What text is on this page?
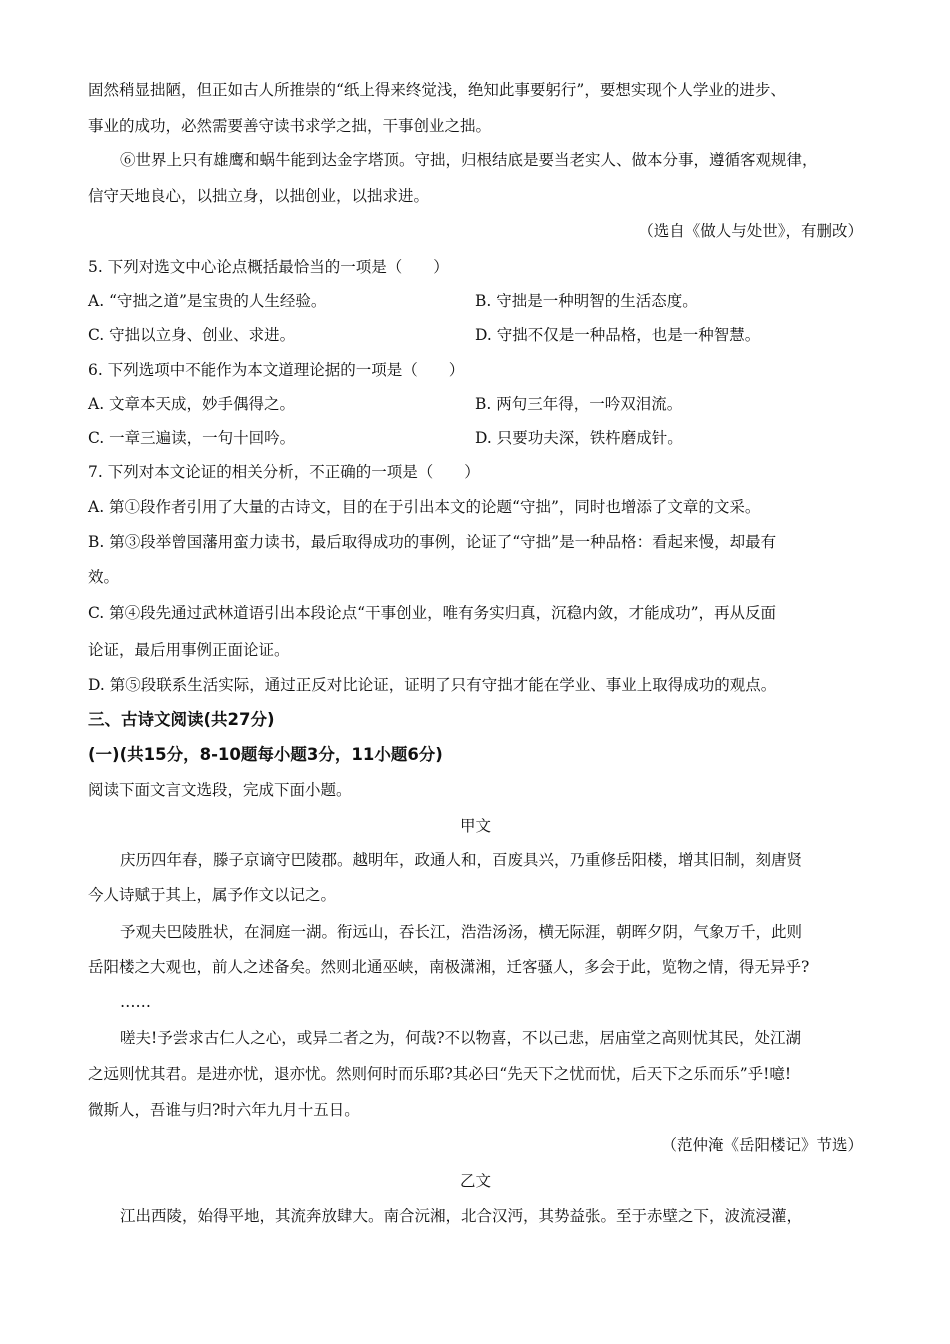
固然稍显拙陋，但正如古人所推崇的“纸上得来终觉浅，绝知此事要躬行”，要想实现个人学业的进步、
事业的成功，必然需要善守读书求学之拙，干事创业之拙。
⑥世界上只有雄鹰和蜗牛能到达金字塔顶。守拙，归根结底是要当老实人、做本分事，遵循客观规律，
信守天地良心，以拙立身，以拙创业，以拙求进。
（选自《做人与处世》，有删改）
5. 下列对选文中心论点概括最恰当的一项是（　　）
A. “守拙之道”是宝贵的人生经验。	B. 守拙是一种明智的生活态度。
C. 守拙以立身、创业、求进。	D. 守拙不仅是一种品格，也是一种智慧。
6. 下列选项中不能作为本文道理论据的一项是（　　）
A. 文章本天成，妙手偶得之。	B. 两句三年得，一吟双泪流。
C. 一章三遍读，一句十回吟。	D. 只要功夫深，铁杵磨成针。
7. 下列对本文论证的相关分析，不正确的一项是（　　）
A. 第①段作者引用了大量的古诗文，目的在于引出本文的论题“守拙”，同时也增添了文章的文采。
B. 第③段举曾国藩用蛮力读书，最后取得成功的事例，论证了“守拙”是一种品格：看起来慢，却最有
效。
C. 第④段先通过武林道语引出本段论点“干事创业，唯有务实归真，沉稳内敛，才能成功”，再从反面
论证，最后用事例正面论证。
D. 第⑤段联系生活实际，通过正反对比论证，证明了只有守拙才能在学业、事业上取得成功的观点。
三、古诗文阅读(共27分)
(一)(共15分，8-10题每小题3分，11小题6分)
阅读下面文言文选段，完成下面小题。
甲文
庆历四年春，滕子京谪守巴陵郡。越明年，政通人和，百废具兴，乃重修岳阳楼，增其旧制，刻唐贤
今人诗赋于其上，属予作文以记之。
予观夫巴陵胜状，在洞庭一湖。衔远山，吞长江，浩浩汤汤，横无际涯，朝晖夕阴，气象万千，此则
岳阳楼之大观也，前人之述备矣。然则北通巫峡，南极潇湘，迁客骚人，多会于此，览物之情，得无异乎?
……
嗟夫!予尝求古仁人之心，或异二者之为，何哉?不以物喜，不以己悲，居庙堂之高则忧其民，处江湖
之远则忧其君。是进亦忧，退亦忧。然则何时而乐耶?其必曰“先天下之忧而忧，后天下之乐而乐”乎!噫!
微斯人，吾谁与归?时六年九月十五日。
（范仲淹《岳阳楼记》节选）
乙文
江出西陵，始得平地，其流奔放肆大。南合沅湘，北合汉沔，其势益张。至于赤壁之下，波流浸灌，
